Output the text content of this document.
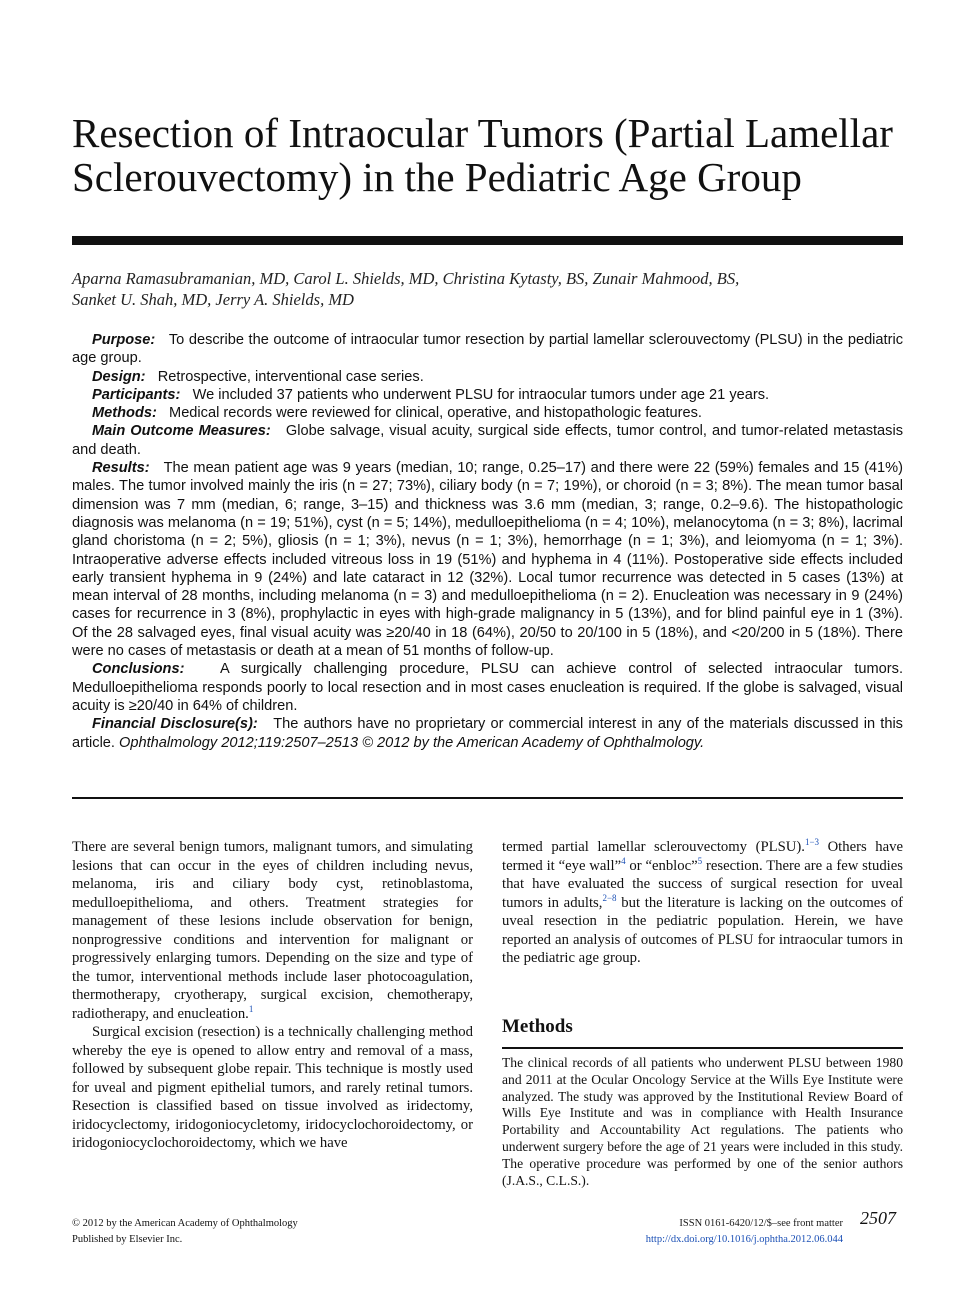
Resection of Intraocular Tumors (Partial Lamellar Sclerouvectomy) in the Pediatric Age Group
Aparna Ramasubramanian, MD, Carol L. Shields, MD, Christina Kytasty, BS, Zunair Mahmood, BS,
Sanket U. Shah, MD, Jerry A. Shields, MD

Purpose: To describe the outcome of intraocular tumor resection by partial lamellar sclerouvectomy (PLSU) in the pediatric age group.

Design: Retrospective, interventional case series.

Participants: We included 37 patients who underwent PLSU for intraocular tumors under age 21 years.

Methods: Medical records were reviewed for clinical, operative, and histopathologic features.

Main Outcome Measures: Globe salvage, visual acuity, surgical side effects, tumor control, and tumor-related metastasis and death.

Results: The mean patient age was 9 years (median, 10; range, 0.25–17) and there were 22 (59%) females and 15 (41%) males. The tumor involved mainly the iris (n = 27; 73%), ciliary body (n = 7; 19%), or choroid (n = 3; 8%). The mean tumor basal dimension was 7 mm (median, 6; range, 3–15) and thickness was 3.6 mm (median, 3; range, 0.2–9.6). The histopathologic diagnosis was melanoma (n = 19; 51%), cyst (n = 5; 14%), medulloepithelioma (n = 4; 10%), melanocytoma (n = 3; 8%), lacrimal gland choristoma (n = 2; 5%), gliosis (n = 1; 3%), nevus (n = 1; 3%), hemorrhage (n = 1; 3%), and leiomyoma (n = 1; 3%). Intraoperative adverse effects included vitreous loss in 19 (51%) and hyphema in 4 (11%). Postoperative side effects included early transient hyphema in 9 (24%) and late cataract in 12 (32%). Local tumor recurrence was detected in 5 cases (13%) at mean interval of 28 months, including melanoma (n = 3) and medulloepithelioma (n = 2). Enucleation was necessary in 9 (24%) cases for recurrence in 3 (8%), prophylactic in eyes with high-grade malignancy in 5 (13%), and for blind painful eye in 1 (3%). Of the 28 salvaged eyes, final visual acuity was ≥20/40 in 18 (64%), 20/50 to 20/100 in 5 (18%), and <20/200 in 5 (18%). There were no cases of metastasis or death at a mean of 51 months of follow-up.

Conclusions: A surgically challenging procedure, PLSU can achieve control of selected intraocular tumors. Medulloepithelioma responds poorly to local resection and in most cases enucleation is required. If the globe is salvaged, visual acuity is ≥20/40 in 64% of children.

Financial Disclosure(s): The authors have no proprietary or commercial interest in any of the materials discussed in this article. Ophthalmology 2012;119:2507–2513 © 2012 by the American Academy of Ophthalmology.

There are several benign tumors, malignant tumors, and simulating lesions that can occur in the eyes of children including nevus, melanoma, iris and ciliary body cyst, retinoblastoma, medulloepithelioma, and others. Treatment strategies for management of these lesions include observation for benign, nonprogressive conditions and intervention for malignant or progressively enlarging tumors. Depending on the size and type of the tumor, interventional methods include laser photocoagulation, thermotherapy, cryotherapy, surgical excision, chemotherapy, radiotherapy, and enucleation.$^1$

Surgical excision (resection) is a technically challenging method whereby the eye is opened to allow entry and removal of a mass, followed by subsequent globe repair. This technique is mostly used for uveal and pigment epithelial tumors, and rarely retinal tumors. Resection is classified based on tissue involved as iridectomy, iridocyclectomy, iridogoniocycletomy, iridocyclochoroidectomy, or iridogoniocyclochoroidectomy, which we have

termed partial lamellar sclerouvectomy (PLSU).$^{1-3}$ Others have termed it “eye wall”$^4$ or “enbloc”$^5$ resection. There are a few studies that have evaluated the success of surgical resection for uveal tumors in adults,$^{2-8}$ but the literature is lacking on the outcomes of uveal resection in the pediatric population. Herein, we have reported an analysis of outcomes of PLSU for intraocular tumors in the pediatric age group.

Methods
The clinical records of all patients who underwent PLSU between 1980 and 2011 at the Ocular Oncology Service at the Wills Eye Institute were analyzed. The study was approved by the Institutional Review Board of Wills Eye Institute and was in compliance with Health Insurance Portability and Accountability Act regulations. The patients who underwent surgery before the age of 21 years were included in this study. The operative procedure was performed by one of the senior authors (J.A.S., C.L.S.).
© 2012 by the American Academy of Ophthalmology
Published by Elsevier Inc.
ISSN 0161-6420/12/$–see front matter
http://dx.doi.org/10.1016/j.ophtha.2012.06.044
2507
